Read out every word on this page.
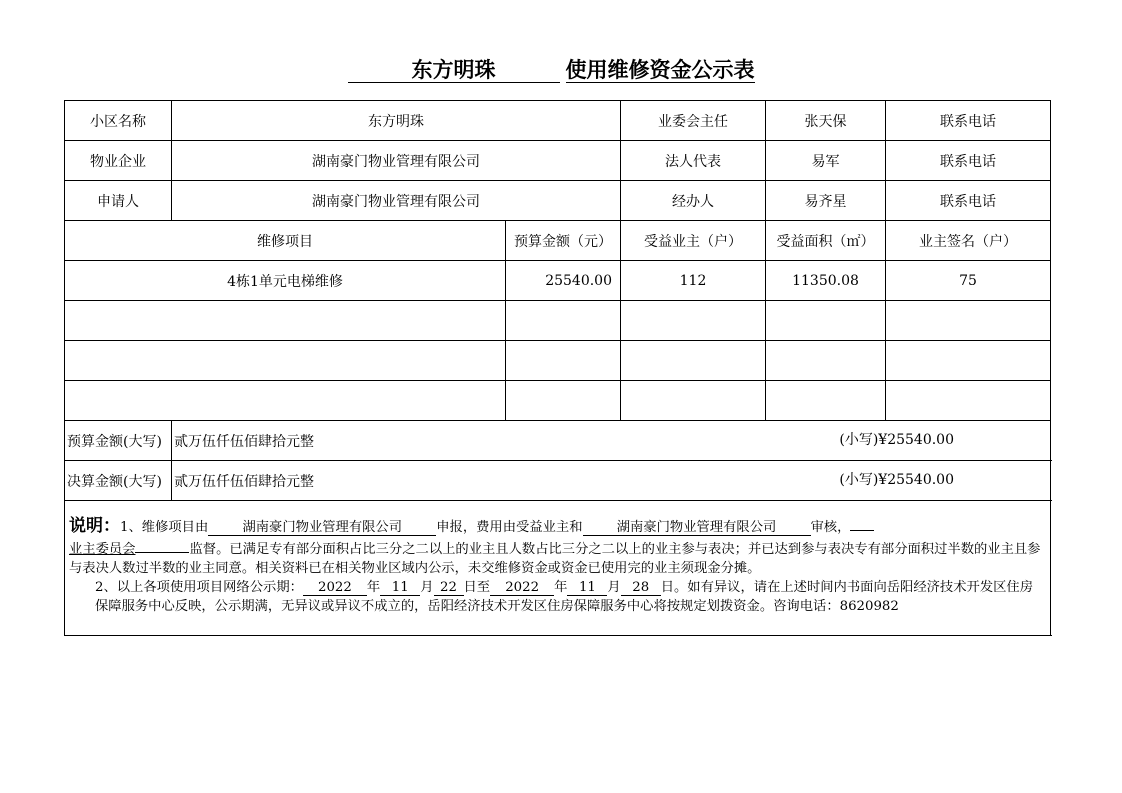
东方明珠	使用维修资金公示表
小区名称	东方明珠		业委会主任	张天保	联系电话	
物业企业	湖南豪门物业管理有限公司		法人代表	易军	联系电话	
申请人	湖南豪门物业管理有限公司		经办人	易齐星	联系电话	
维修项目		预算金额（元）	受益业主（户）	受益面积（㎡）	业主签名（户）	
4栋1单元电梯维修		25540.00	112	11350.08	75	

预算金额(大写)	贰万伍仟伍佰肆拾元整 (小写)¥25540.00					

决算金额(大写)	贰万伍仟伍佰肆拾元整 (小写)¥25540.00					

说明：1、维修项目由 湖南豪门物业管理有限公司 申报，费用由受益业主和 湖南豪门物业管理有限公司 审核，
业主委员会 监督。已满足专有部分面积占比三分之二以上的业主且人数占比三分之二以上的业主参与表决；并已达到参与表决专有部分面积过半数的业主且参与表决人数过半数的业主同意。相关资料已在相关物业区域内公示，未交维修资金或资金已使用完的业主须现金分摊。

2、以上各项使用项目网络公示期： 2022 年 11 月 22 日至 2022 年 11 月 28 日。如有异议，请在上述时间内书面向岳阳经济技术开发区住房保障服务中心反映，公示期满，无异议或异议不成立的，岳阳经济技术开发区住房保障服务中心将按规定划拨资金。咨询电话：8620982						
